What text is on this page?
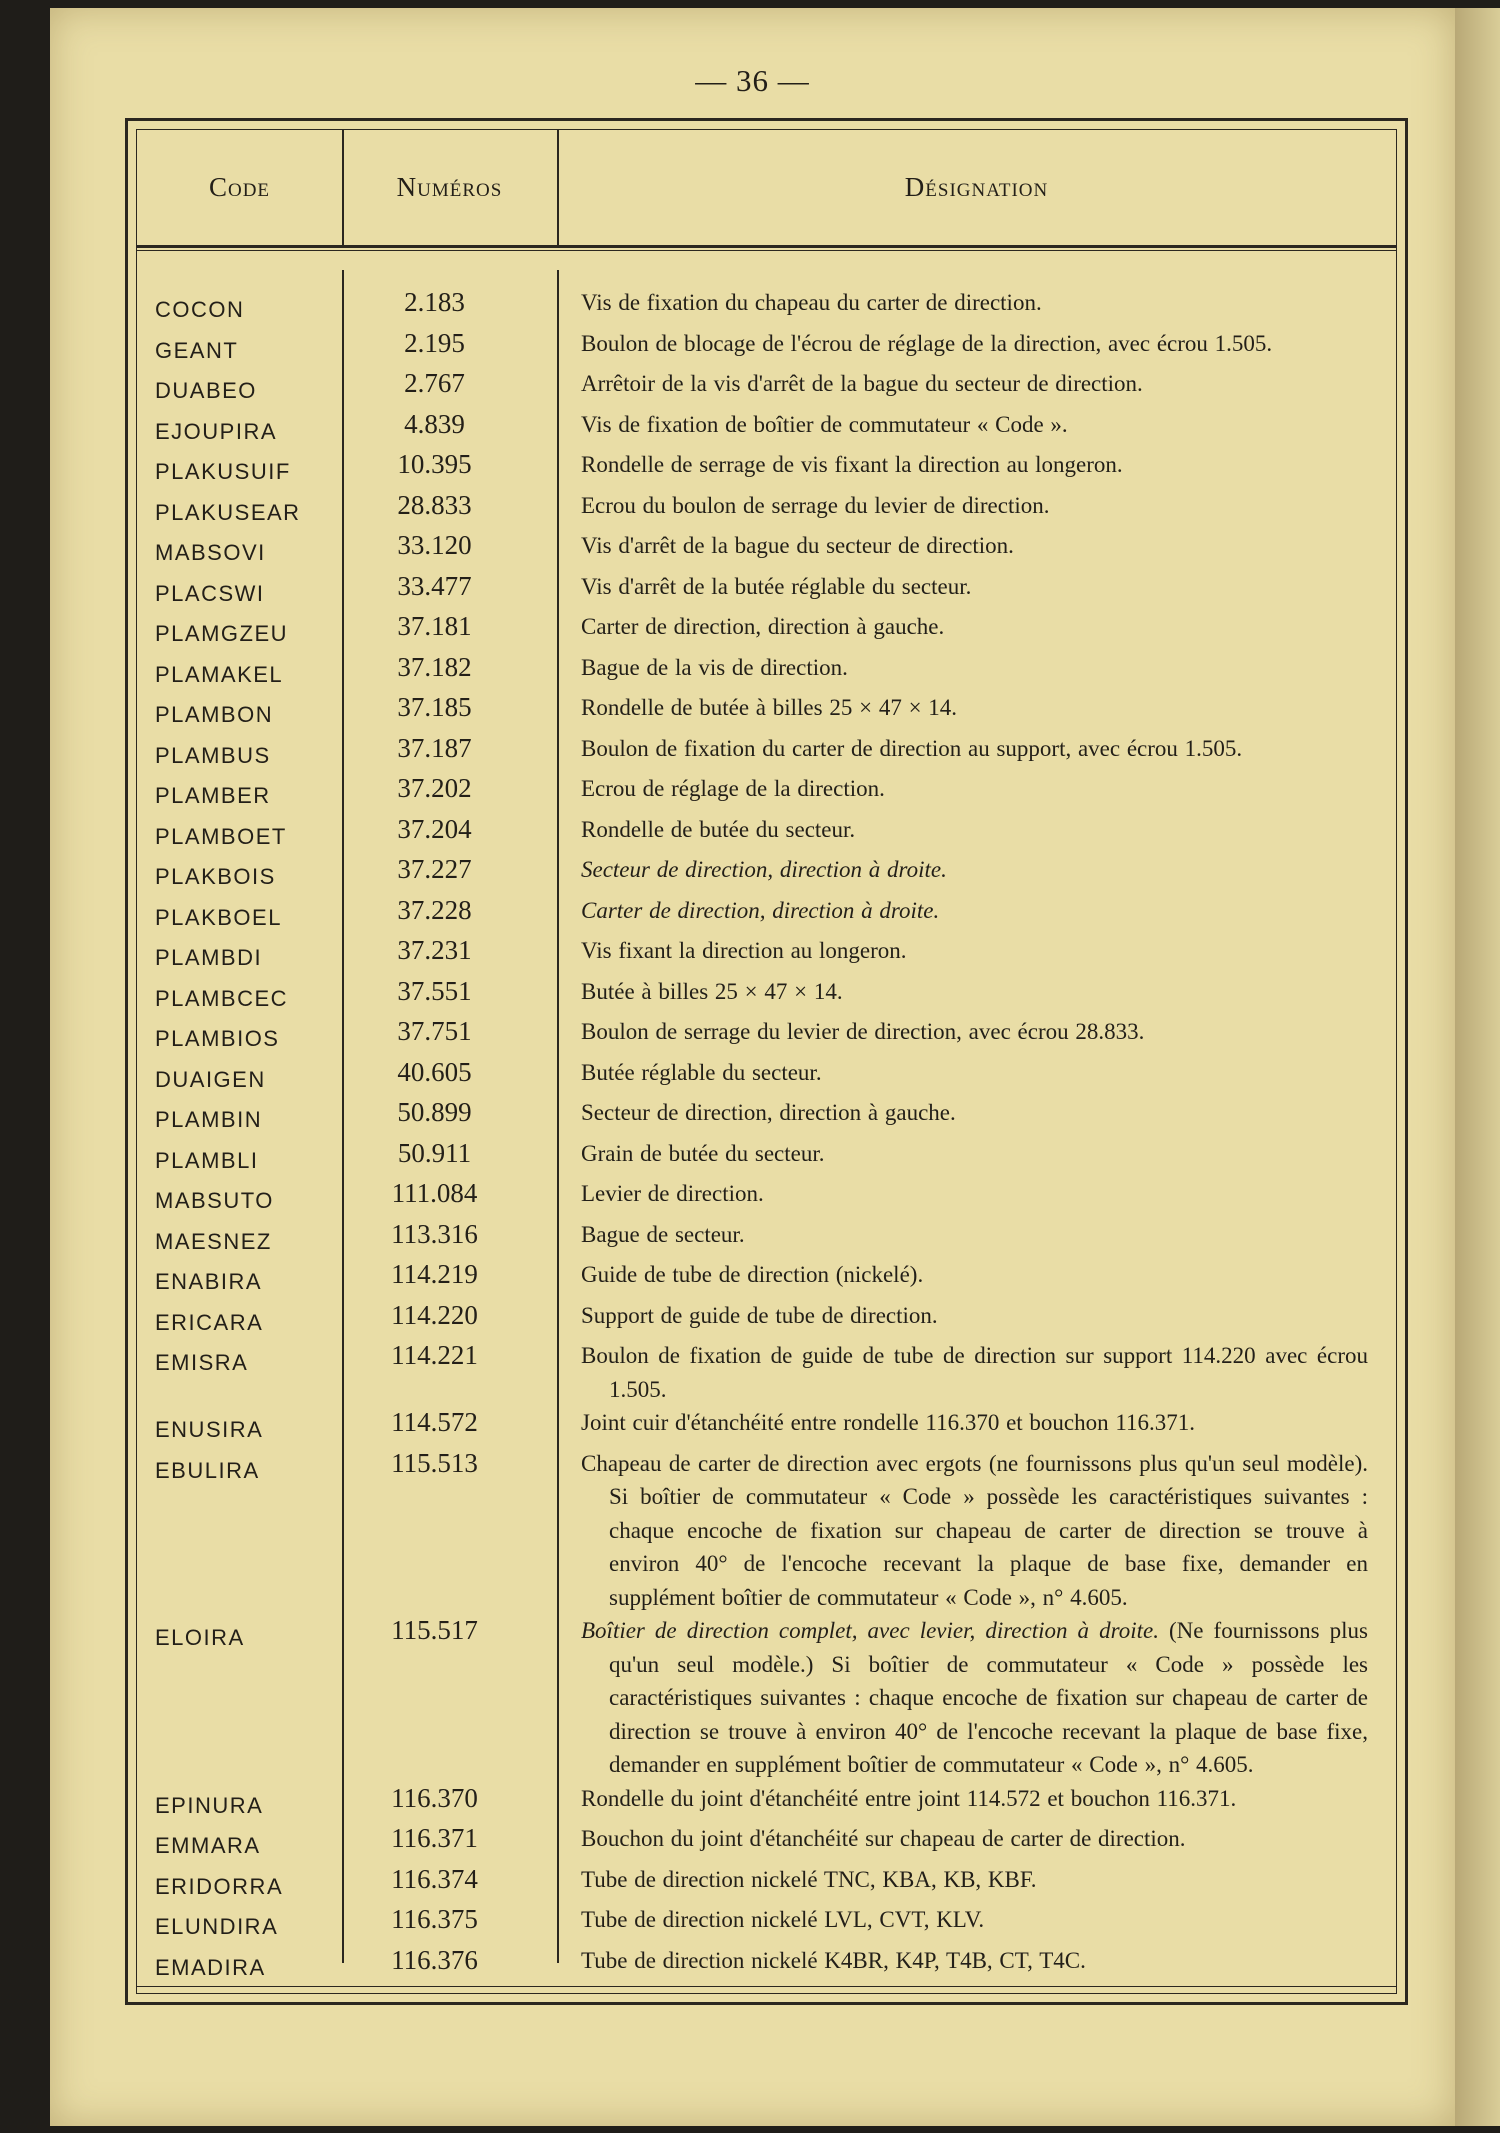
— 36 —
Code	Numéros	Désignation
COCON	2.183	Vis de fixation du chapeau du carter de direction.
GEANT	2.195	Boulon de blocage de l'écrou de réglage de la direction, avec écrou 1.505.
DUABEO	2.767	Arrêtoir de la vis d'arrêt de la bague du secteur de direction.
EJOUPIRA	4.839	Vis de fixation de boîtier de commutateur « Code ».
PLAKUSUIF	10.395	Rondelle de serrage de vis fixant la direction au longeron.
PLAKUSEAR	28.833	Ecrou du boulon de serrage du levier de direction.
MABSOVI	33.120	Vis d'arrêt de la bague du secteur de direction.
PLACSWI	33.477	Vis d'arrêt de la butée réglable du secteur.
PLAMGZEU	37.181	Carter de direction, direction à gauche.
PLAMAKEL	37.182	Bague de la vis de direction.
PLAMBON	37.185	Rondelle de butée à billes 25 × 47 × 14.
PLAMBUS	37.187	Boulon de fixation du carter de direction au support, avec écrou 1.505.
PLAMBER	37.202	Ecrou de réglage de la direction.
PLAMBOET	37.204	Rondelle de butée du secteur.
PLAKBOIS	37.227	Secteur de direction, direction à droite.
PLAKBOEL	37.228	Carter de direction, direction à droite.
PLAMBDI	37.231	Vis fixant la direction au longeron.
PLAMBCEC	37.551	Butée à billes 25 × 47 × 14.
PLAMBIOS	37.751	Boulon de serrage du levier de direction, avec écrou 28.833.
DUAIGEN	40.605	Butée réglable du secteur.
PLAMBIN	50.899	Secteur de direction, direction à gauche.
PLAMBLI	50.911	Grain de butée du secteur.
MABSUTO	111.084	Levier de direction.
MAESNEZ	113.316	Bague de secteur.
ENABIRA	114.219	Guide de tube de direction (nickelé).
ERICARA	114.220	Support de guide de tube de direction.
EMISRA	114.221	Boulon de fixation de guide de tube de direction sur support 114.220 avec écrou 1.505.
ENUSIRA	114.572	Joint cuir d'étanchéité entre rondelle 116.370 et bouchon 116.371.
EBULIRA	115.513	Chapeau de carter de direction avec ergots (ne fournissons plus qu'un seul modèle). Si boîtier de commutateur « Code » possède les caractéristiques suivantes : chaque encoche de fixation sur chapeau de carter de direction se trouve à environ 40° de l'encoche recevant la plaque de base fixe, demander en supplément boîtier de commutateur « Code », n° 4.605.
ELOIRA	115.517	Boîtier de direction complet, avec levier, direction à droite. (Ne fournissons plus qu'un seul modèle.) Si boîtier de commutateur « Code » possède les caractéristiques suivantes : chaque encoche de fixation sur chapeau de carter de direction se trouve à environ 40° de l'encoche recevant la plaque de base fixe, demander en supplément boîtier de commutateur « Code », n° 4.605.
EPINURA	116.370	Rondelle du joint d'étanchéité entre joint 114.572 et bouchon 116.371.
EMMARA	116.371	Bouchon du joint d'étanchéité sur chapeau de carter de direction.
ERIDORRA	116.374	Tube de direction nickelé TNC, KBA, KB, KBF.
ELUNDIRA	116.375	Tube de direction nickelé LVL, CVT, KLV.
EMADIRA	116.376	Tube de direction nickelé K4BR, K4P, T4B, CT, T4C.
